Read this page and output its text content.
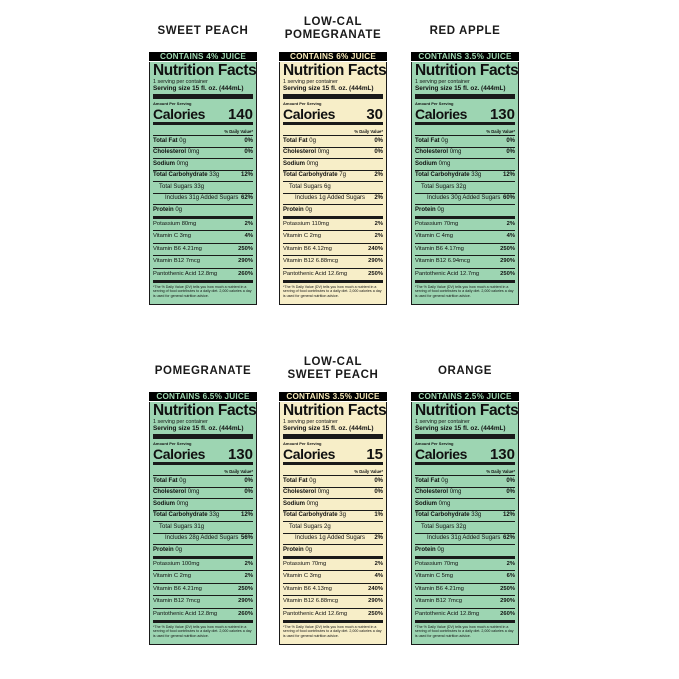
SWEET PEACH
CONTAINS 4% JUICE
Nutrition Facts
1 serving per container
Serving size 15 fl. oz. (444mL)
Amount Per Serving
Calories 140
% Daily Value*
Total Fat 0g	0%
Cholesterol 0mg	0%
Sodium 0mg
Total Carbohydrate 33g	12%
Total Sugars 33g
Includes 31g Added Sugars 62%
Protein 0g
Potassium 80mg	2%
Vitamin C 3mg	4%
Vitamin B6 4.21mg	250%
Vitamin B12 7mcg	290%
Pantothenic Acid 12.8mg	260%
*The % Daily Value (DV) tells you how much a nutrient in a serving of food contributes to a daily diet. 2,000 calories a day is used for general nutrition advice.
LOW-CAL
POMEGRANATE
CONTAINS 6% JUICE
Nutrition Facts
1 serving per container
Serving size 15 fl. oz. (444mL)
Amount Per Serving
Calories 30
% Daily Value*
Total Fat 0g	0%
Cholesterol 0mg	0%
Sodium 0mg
Total Carbohydrate 7g	2%
Total Sugars 6g
Includes 1g Added Sugars 2%
Protein 0g
Potassium 110mg	2%
Vitamin C 2mg	2%
Vitamin B6 4.12mg	240%
Vitamin B12 6.88mcg	290%
Pantothenic Acid 12.6mg	250%
*The % Daily Value (DV) tells you how much a nutrient in a serving of food contributes to a daily diet. 2,000 calories a day is used for general nutrition advice.
RED APPLE
CONTAINS 3.5% JUICE
Nutrition Facts
1 serving per container
Serving size 15 fl. oz. (444mL)
Amount Per Serving
Calories 130
% Daily Value*
Total Fat 0g	0%
Cholesterol 0mg	0%
Sodium 0mg
Total Carbohydrate 33g	12%
Total Sugars 32g
Includes 30g Added Sugars 60%
Protein 0g
Potassium 70mg	2%
Vitamin C 4mg	4%
Vitamin B6 4.17mg	250%
Vitamin B12 6.94mcg	290%
Pantothenic Acid 12.7mg	250%
*The % Daily Value (DV) tells you how much a nutrient in a serving of food contributes to a daily diet. 2,000 calories a day is used for general nutrition advice.
POMEGRANATE
CONTAINS 6.5% JUICE
Nutrition Facts
1 serving per container
Serving size 15 fl. oz. (444mL)
Amount Per Serving
Calories 130
% Daily Value*
Total Fat 0g	0%
Cholesterol 0mg	0%
Sodium 0mg
Total Carbohydrate 33g	12%
Total Sugars 31g
Includes 28g Added Sugars 56%
Protein 0g
Potassium 100mg	2%
Vitamin C 2mg	2%
Vitamin B6 4.21mg	250%
Vitamin B12 7mcg	290%
Pantothenic Acid 12.8mg	260%
*The % Daily Value (DV) tells you how much a nutrient in a serving of food contributes to a daily diet. 2,000 calories a day is used for general nutrition advice.
LOW-CAL
SWEET PEACH
CONTAINS 3.5% JUICE
Nutrition Facts
1 serving per container
Serving size 15 fl. oz. (444mL)
Amount Per Serving
Calories 15
% Daily Value*
Total Fat 0g	0%
Cholesterol 0mg	0%
Sodium 0mg
Total Carbohydrate 3g	1%
Total Sugars 2g
Includes 1g Added Sugars 2%
Protein 0g
Potassium 70mg	2%
Vitamin C 3mg	4%
Vitamin B6 4.13mg	240%
Vitamin B12 6.88mcg	290%
Pantothenic Acid 12.6mg	250%
*The % Daily Value (DV) tells you how much a nutrient in a serving of food contributes to a daily diet. 2,000 calories a day is used for general nutrition advice.
ORANGE
CONTAINS 2.5% JUICE
Nutrition Facts
1 serving per container
Serving size 15 fl. oz. (444mL)
Amount Per Serving
Calories 130
% Daily Value*
Total Fat 0g	0%
Cholesterol 0mg	0%
Sodium 0mg
Total Carbohydrate 33g	12%
Total Sugars 32g
Includes 31g Added Sugars 62%
Protein 0g
Potassium 70mg	2%
Vitamin C 5mg	6%
Vitamin B6 4.21mg	250%
Vitamin B12 7mcg	290%
Pantothenic Acid 12.8mg	260%
*The % Daily Value (DV) tells you how much a nutrient in a serving of food contributes to a daily diet. 2,000 calories a day is used for general nutrition advice.
